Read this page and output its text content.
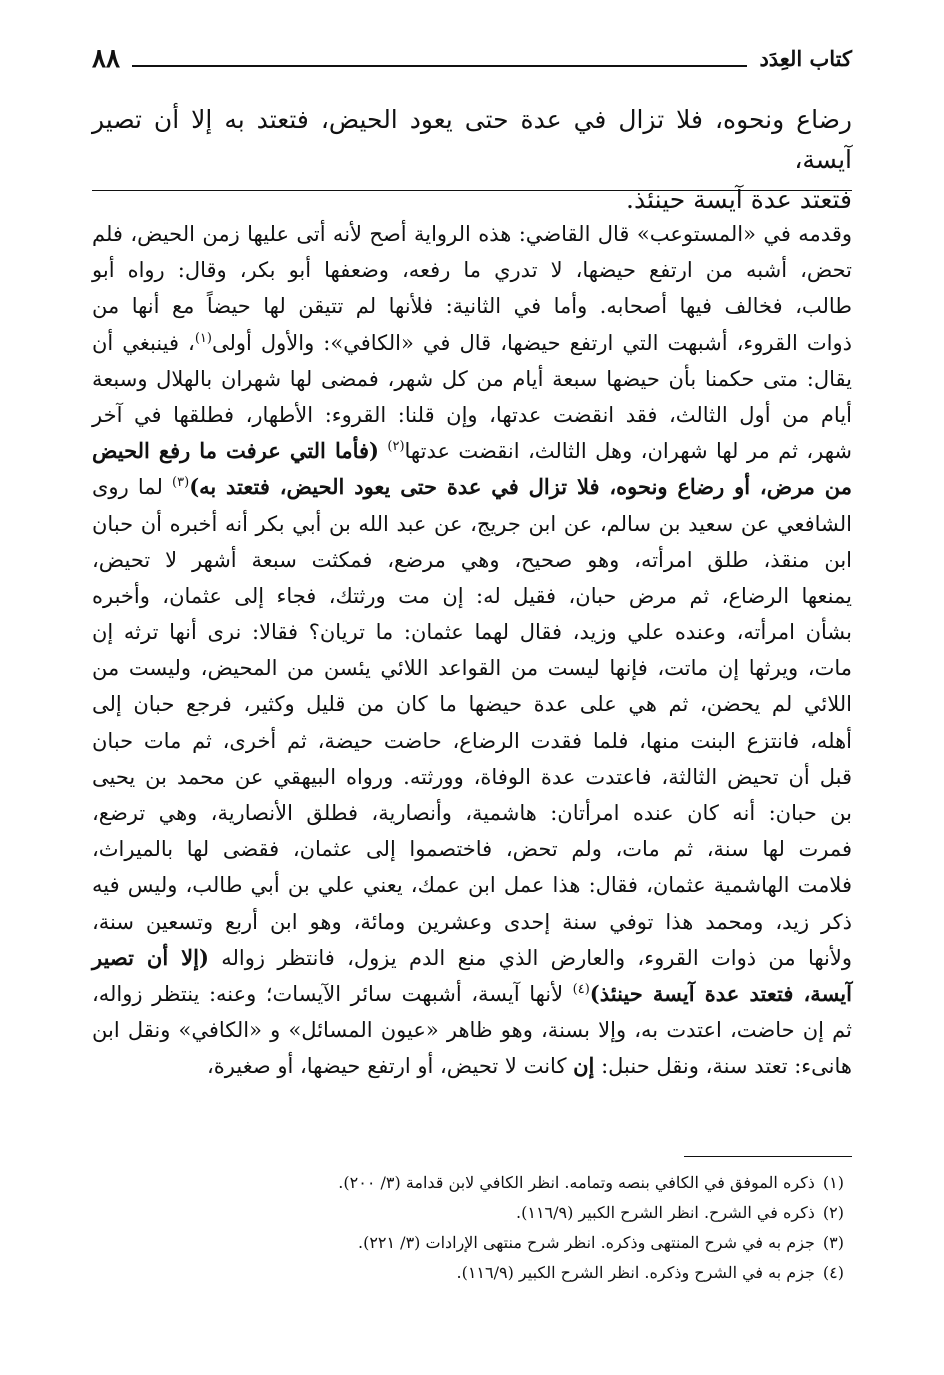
٨٨	كتاب العِدَد

رضاع ونحوه، فلا تزال في عدة حتى يعود الحيض، فتعتد به إلا أن تصير آيسة،

فتعتد عدة آيسة حينئذ.

وقدمه في «المستوعب» قال القاضي: هذه الرواية أصح لأنه أتى عليها زمن الحيض، فلم

تحض، أشبه من ارتفع حيضها، لا تدري ما رفعه، وضعفها أبو بكر، وقال: رواه أبو

طالب، فخالف فيها أصحابه. وأما في الثانية: فلأنها لم تتيقن لها حيضاً مع أنها من

ذوات القروء، أشبهت التي ارتفع حيضها، قال في «الكافي»: والأول أولى$^{(١)}$، فينبغي أن

يقال: متى حكمنا بأن حيضها سبعة أيام من كل شهر، فمضى لها شهران بالهلال وسبعة

أيام من أول الثالث، فقد انقضت عدتها، وإن قلنا: القروء: الأطهار، فطلقها في آخر

شهر، ثم مر لها شهران، وهل الثالث، انقضت عدتها$^{(٢)}$ (فأما التي عرفت ما رفع الحيض

من مرض، أو رضاع ونحوه، فلا تزال في عدة حتى يعود الحيض، فتعتد به)$^{(٣)}$ لما روى

الشافعي عن سعيد بن سالم، عن ابن جريج، عن عبد الله بن أبي بكر أنه أخبره أن حبان

ابن منقذ، طلق امرأته، وهو صحيح، وهي مرضع، فمكثت سبعة أشهر لا تحيض،

يمنعها الرضاع، ثم مرض حبان، فقيل له: إن مت ورثتك، فجاء إلى عثمان، وأخبره

بشأن امرأته، وعنده علي وزيد، فقال لهما عثمان: ما تريان؟ فقالا: نرى أنها ترثه إن

مات، ويرثها إن ماتت، فإنها ليست من القواعد اللائي يئسن من المحيض، وليست من

اللائي لم يحضن، ثم هي على عدة حيضها ما كان من قليل وكثير، فرجع حبان إلى

أهله، فانتزع البنت منها، فلما فقدت الرضاع، حاضت حيضة، ثم أخرى، ثم مات حبان

قبل أن تحيض الثالثة، فاعتدت عدة الوفاة، وورثته. ورواه البيهقي عن محمد بن يحيى

بن حبان: أنه كان عنده امرأتان: هاشمية، وأنصارية، فطلق الأنصارية، وهي ترضع،

فمرت لها سنة، ثم مات، ولم تحض، فاختصموا إلى عثمان، فقضى لها بالميراث،

فلامت الهاشمية عثمان، فقال: هذا عمل ابن عمك، يعني علي بن أبي طالب، وليس فيه

ذكر زيد، ومحمد هذا توفي سنة إحدى وعشرين ومائة، وهو ابن أربع وتسعين سنة،

ولأنها من ذوات القروء، والعارض الذي منع الدم يزول، فانتظر زواله (إلا أن تصير

آيسة، فتعتد عدة آيسة حينئذ)$^{(٤)}$ لأنها آيسة، أشبهت سائر الآيسات؛ وعنه: ينتظر زواله،

ثم إن حاضت، اعتدت به، وإلا بسنة، وهو ظاهر «عيون المسائل» و «الكافي» ونقل ابن

هانىء: تعتد سنة، ونقل حنبل: إن كانت لا تحيض، أو ارتفع حيضها، أو صغيرة،

(١)ذكره الموفق في الكافي بنصه وتمامه. انظر الكافي لابن قدامة (٣/ ٢٠٠).
(٢)ذكره في الشرح. انظر الشرح الكبير (١١٦/٩).
(٣)جزم به في شرح المنتهى وذكره. انظر شرح منتهى الإرادات (٣/ ٢٢١).
(٤)جزم به في الشرح وذكره. انظر الشرح الكبير (١١٦/٩).
